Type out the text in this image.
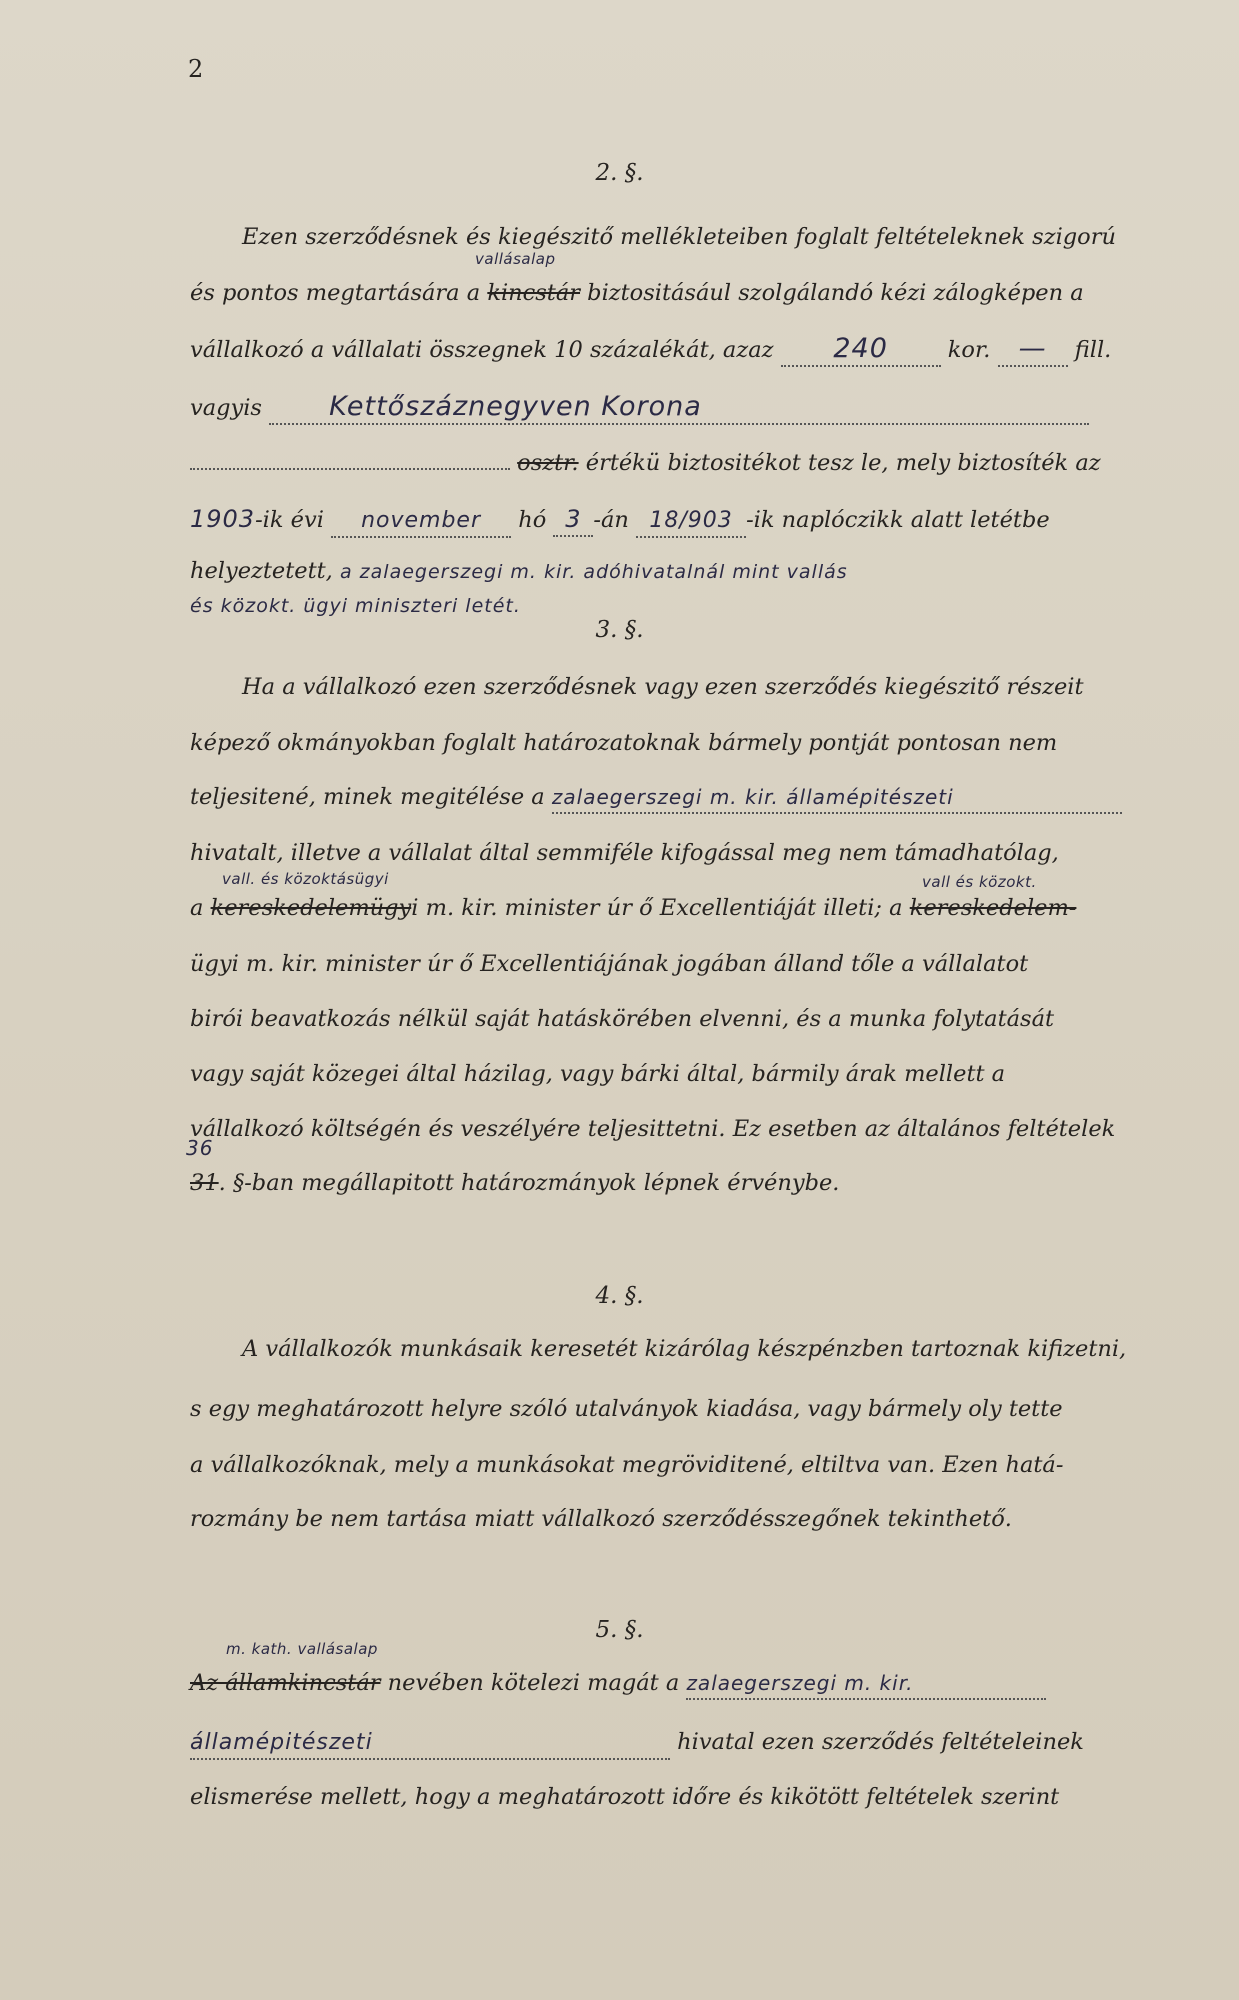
2
2. §.
Ezen szerződésnek és kiegészitő mellékleteiben foglalt feltételeknek szigorú
vallásalap
és pontos megtartására a kincstár biztositásául szolgálandó kézi zálogképen a
vállalkozó a vállalati összegnek 10 százalékát, azaz 240	kor. — fill.
vagyis Kettőszáznegyven Korona
osztr. értékü biztositékot tesz le, mely biztosíték az
1903-ik évi november hó 3 -án 18/903 -ik naplóczikk alatt letétbe
helyeztetett, a zalaegerszegi m. kir. adóhivatalnál mint vallás
és közokt. ügyi miniszteri letét.
3. §.
Ha a vállalkozó ezen szerződésnek vagy ezen szerződés kiegészitő részeit
képező okmányokban foglalt határozatoknak bármely pontját pontosan nem
teljesitené, minek megitélése a zalaegerszegi m. kir. államépitészeti
hivatalt, illetve a vállalat által semmiféle kifogással meg nem támadhatólag,
vall. és közoktásügyi	vall és közokt.
a kereskedelemügyi m. kir. minister úr ő Excellentiáját illeti; a kereskedelem-
ügyi m. kir. minister úr ő Excellentiájának jogában álland tőle a vállalatot
birói beavatkozás nélkül saját hatáskörében elvenni, és a munka folytatását
vagy saját közegei által házilag, vagy bárki által, bármily árak mellett a
vállalkozó költségén és veszélyére teljesittetni. Ez esetben az általános feltételek
36
31. §-ban megállapitott határozmányok lépnek érvénybe.
4. §.
A vállalkozók munkásaik keresetét kizárólag készpénzben tartoznak kifizetni,
s egy meghatározott helyre szóló utalványok kiadása, vagy bármely oly tette
a vállalkozóknak, mely a munkásokat megröviditené, eltiltva van. Ezen hatá-
rozmány be nem tartása miatt vállalkozó szerződésszegőnek tekinthető.
5. §.
m. kath. vallásalap
Az államkincstár nevében kötelezi magát a zalaegerszegi m. kir.
államépitészeti	hivatal ezen szerződés feltételeinek
elismerése mellett, hogy a meghatározott időre és kikötött feltételek szerint
